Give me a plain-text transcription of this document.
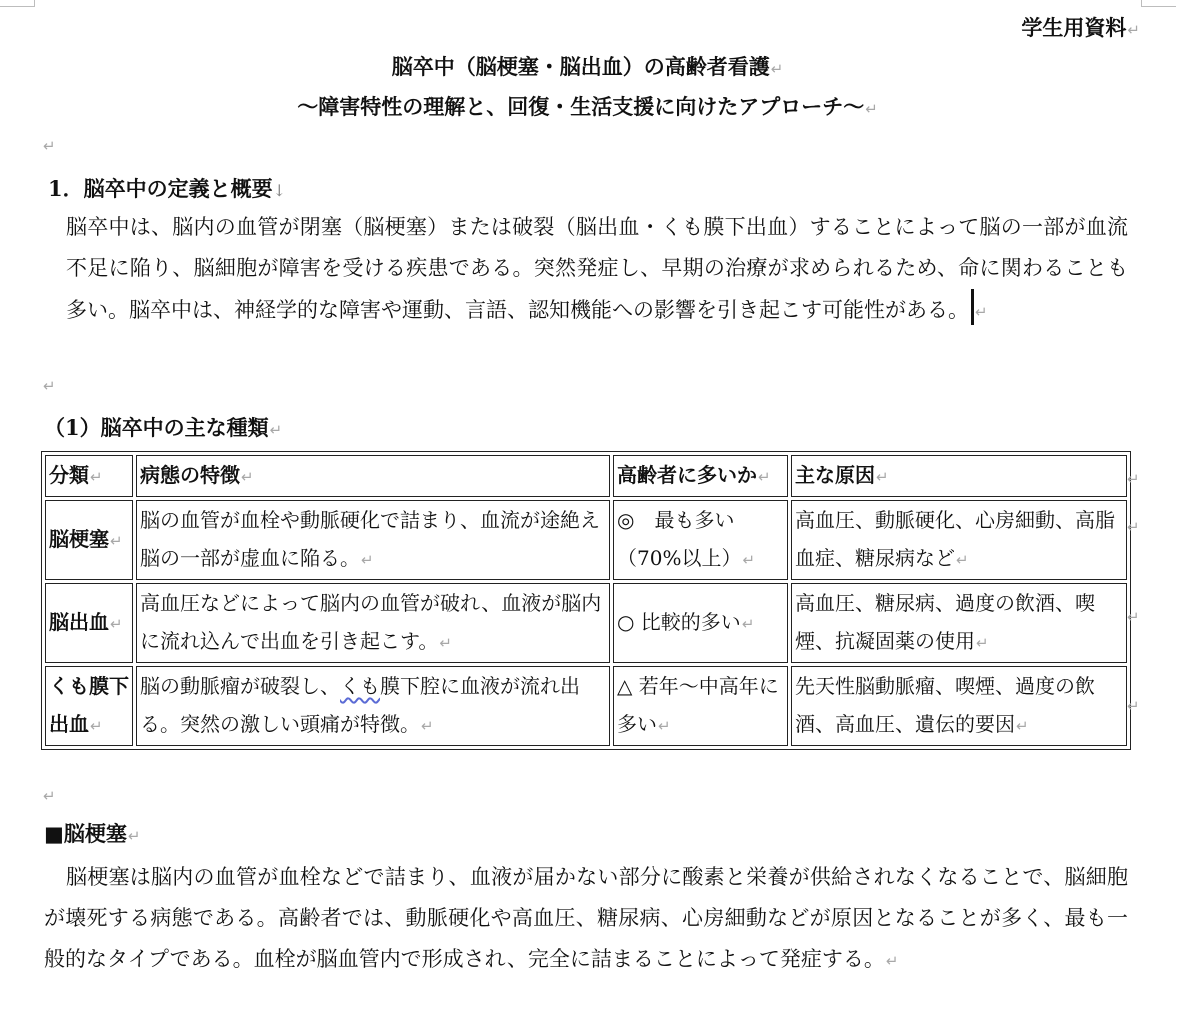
学生用資料↵
脳卒中（脳梗塞・脳出血）の高齢者看護↵
〜障害特性の理解と、回復・生活支援に向けたアプローチ〜↵
↵
1．脳卒中の定義と概要↓
脳卒中は、脳内の血管が閉塞（脳梗塞）または破裂（脳出血・くも膜下出血）することによって脳の一部が血流不足に陥り、脳細胞が障害を受ける疾患である。突然発症し、早期の治療が求められるため、命に関わることも多い。脳卒中は、神経学的な障害や運動、言語、認知機能への影響を引き起こす可能性がある。 ↵
↵
（1）脳卒中の主な種類↵
分類↵	病態の特徴↵	高齢者に多いか↵	主な原因↵
脳梗塞↵	脳の血管が血栓や動脈硬化で詰まり、血流が途絶え脳の一部が虚血に陥る。↵	◎　最も多い（70%以上）↵	高血圧、動脈硬化、心房細動、高脂血症、糖尿病など↵
脳出血↵	高血圧などによって脳内の血管が破れ、血液が脳内に流れ込んで出血を引き起こす。↵	○ 比較的多い↵	高血圧、糖尿病、過度の飲酒、喫煙、抗凝固薬の使用↵
くも膜下出血↵	脳の動脈瘤が破裂し、くも膜下腔に血液が流れ出る。突然の激しい頭痛が特徴。↵	△ 若年〜中高年に多い↵	先天性脳動脈瘤、喫煙、過度の飲酒、高血圧、遺伝的要因↵
↵
↵
↵
↵
↵
■脳梗塞↵
脳梗塞は脳内の血管が血栓などで詰まり、血液が届かない部分に酸素と栄養が供給されなくなることで、脳細胞が壊死する病態である。高齢者では、動脈硬化や高血圧、糖尿病、心房細動などが原因となることが多く、最も一般的なタイプである。血栓が脳血管内で形成され、完全に詰まることによって発症する。↵
